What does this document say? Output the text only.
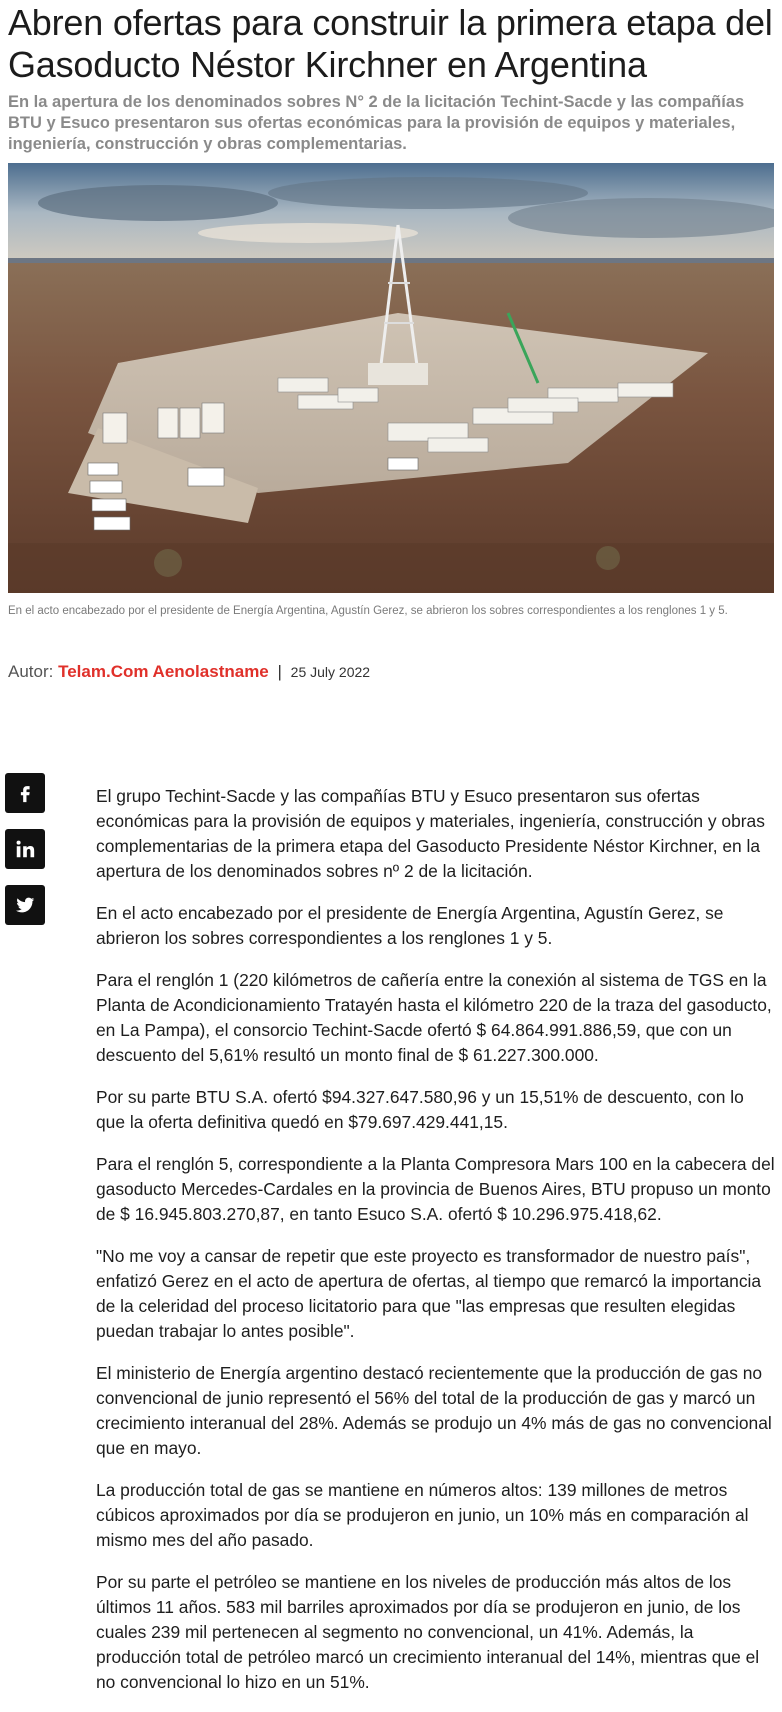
Abren ofertas para construir la primera etapa del Gasoducto Néstor Kirchner en Argentina

En la apertura de los denominados sobres N° 2 de la licitación Techint-Sacde y las compañías BTU y Esuco presentaron sus ofertas económicas para la provisión de equipos y materiales, ingeniería, construcción y obras complementarias.

En el acto encabezado por el presidente de Energía Argentina, Agustín Gerez, se abrieron los sobres correspondientes a los renglones 1 y 5.
Autor: Telam.Com Aenolastname | 25 July 2022

El grupo Techint-Sacde y las compañías BTU y Esuco presentaron sus ofertas económicas para la provisión de equipos y materiales, ingeniería, construcción y obras complementarias de la primera etapa del Gasoducto Presidente Néstor Kirchner, en la apertura de los denominados sobres nº 2 de la licitación.

En el acto encabezado por el presidente de Energía Argentina, Agustín Gerez, se abrieron los sobres correspondientes a los renglones 1 y 5.

Para el renglón 1 (220 kilómetros de cañería entre la conexión al sistema de TGS en la Planta de Acondicionamiento Tratayén hasta el kilómetro 220 de la traza del gasoducto, en La Pampa), el consorcio Techint-Sacde ofertó $ 64.864.991.886,59, que con un descuento del 5,61% resultó un monto final de $ 61.227.300.000.

Por su parte BTU S.A. ofertó $94.327.647.580,96 y un 15,51% de descuento, con lo que la oferta definitiva quedó en $79.697.429.441,15.

Para el renglón 5, correspondiente a la Planta Compresora Mars 100 en la cabecera del gasoducto Mercedes-Cardales en la provincia de Buenos Aires, BTU propuso un monto de $ 16.945.803.270,87, en tanto Esuco S.A. ofertó $ 10.296.975.418,62.

"No me voy a cansar de repetir que este proyecto es transformador de nuestro país", enfatizó Gerez en el acto de apertura de ofertas, al tiempo que remarcó la importancia de la celeridad del proceso licitatorio para que "las empresas que resulten elegidas puedan trabajar lo antes posible".

El ministerio de Energía argentino destacó recientemente que la producción de gas no convencional de junio representó el 56% del total de la producción de gas y marcó un crecimiento interanual del 28%. Además se produjo un 4% más de gas no convencional que en mayo.

La producción total de gas se mantiene en números altos: 139 millones de metros cúbicos aproximados por día se produjeron en junio, un 10% más en comparación al mismo mes del año pasado.

Por su parte el petróleo se mantiene en los niveles de producción más altos de los últimos 11 años. 583 mil barriles aproximados por día se produjeron en junio, de los cuales 239 mil pertenecen al segmento no convencional, un 41%. Además, la producción total de petróleo marcó un crecimiento interanual del 14%, mientras que el no convencional lo hizo en un 51%.
